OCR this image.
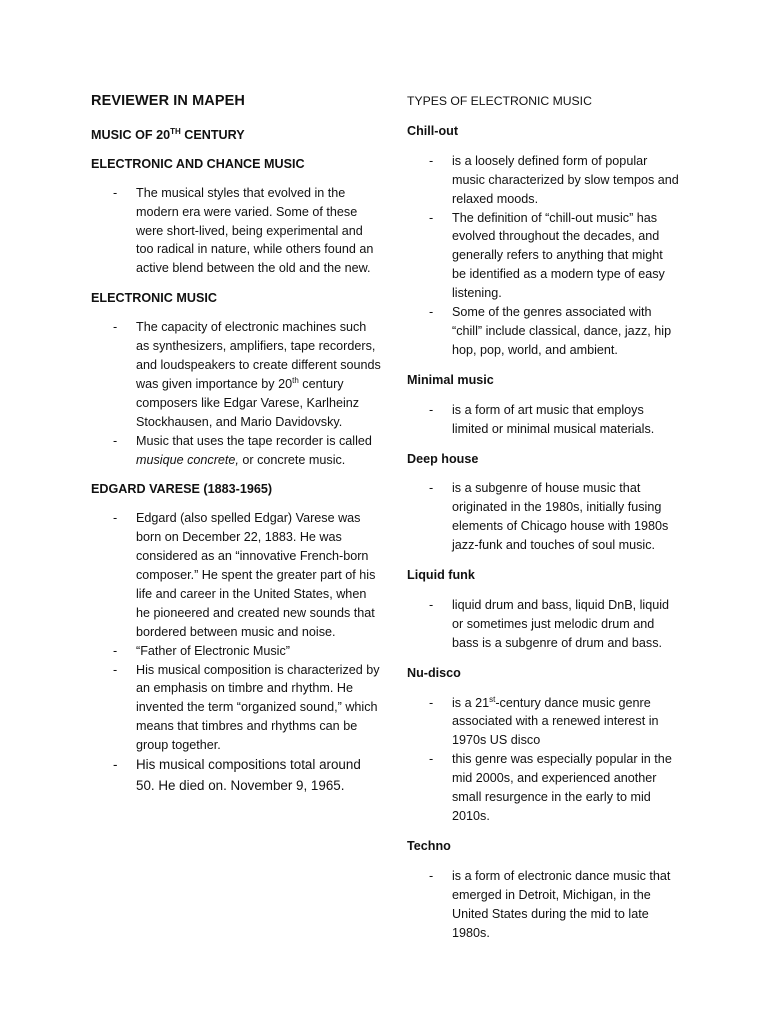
REVIEWER IN MAPEH
MUSIC OF 20TH CENTURY
ELECTRONIC AND CHANCE MUSIC
- The musical styles that evolved in the modern era were varied. Some of these were short-lived, being experimental and too radical in nature, while others found an active blend between the old and the new.
ELECTRONIC MUSIC
- The capacity of electronic machines such as synthesizers, amplifiers, tape recorders, and loudspeakers to create different sounds was given importance by 20th century composers like Edgar Varese, Karlheinz Stockhausen, and Mario Davidovsky.
- Music that uses the tape recorder is called musique concrete, or concrete music.
EDGARD VARESE (1883-1965)
- Edgard (also spelled Edgar) Varese was born on December 22, 1883. He was considered as an “innovative French-born composer.” He spent the greater part of his life and career in the United States, when he pioneered and created new sounds that bordered between music and noise.
- “Father of Electronic Music”
- His musical composition is characterized by an emphasis on timbre and rhythm. He invented the term “organized sound,” which means that timbres and rhythms can be group together.
- His musical compositions total around 50. He died on. November 9, 1965.
TYPES OF ELECTRONIC MUSIC
Chill-out
- is a loosely defined form of popular music characterized by slow tempos and relaxed moods.
- The definition of “chill-out music” has evolved throughout the decades, and generally refers to anything that might be identified as a modern type of easy listening.
- Some of the genres associated with “chill” include classical, dance, jazz, hip hop, pop, world, and ambient.
Minimal music
- is a form of art music that employs limited or minimal musical materials.
Deep house
- is a subgenre of house music that originated in the 1980s, initially fusing elements of Chicago house with 1980s jazz-funk and touches of soul music.
Liquid funk
- liquid drum and bass, liquid DnB, liquid or sometimes just melodic drum and bass is a subgenre of drum and bass.
Nu-disco
- is a 21st-century dance music genre associated with a renewed interest in 1970s US disco
- this genre was especially popular in the mid 2000s, and experienced another small resurgence in the early to mid 2010s.
Techno
- is a form of electronic dance music that emerged in Detroit, Michigan, in the United States during the mid to late 1980s.
